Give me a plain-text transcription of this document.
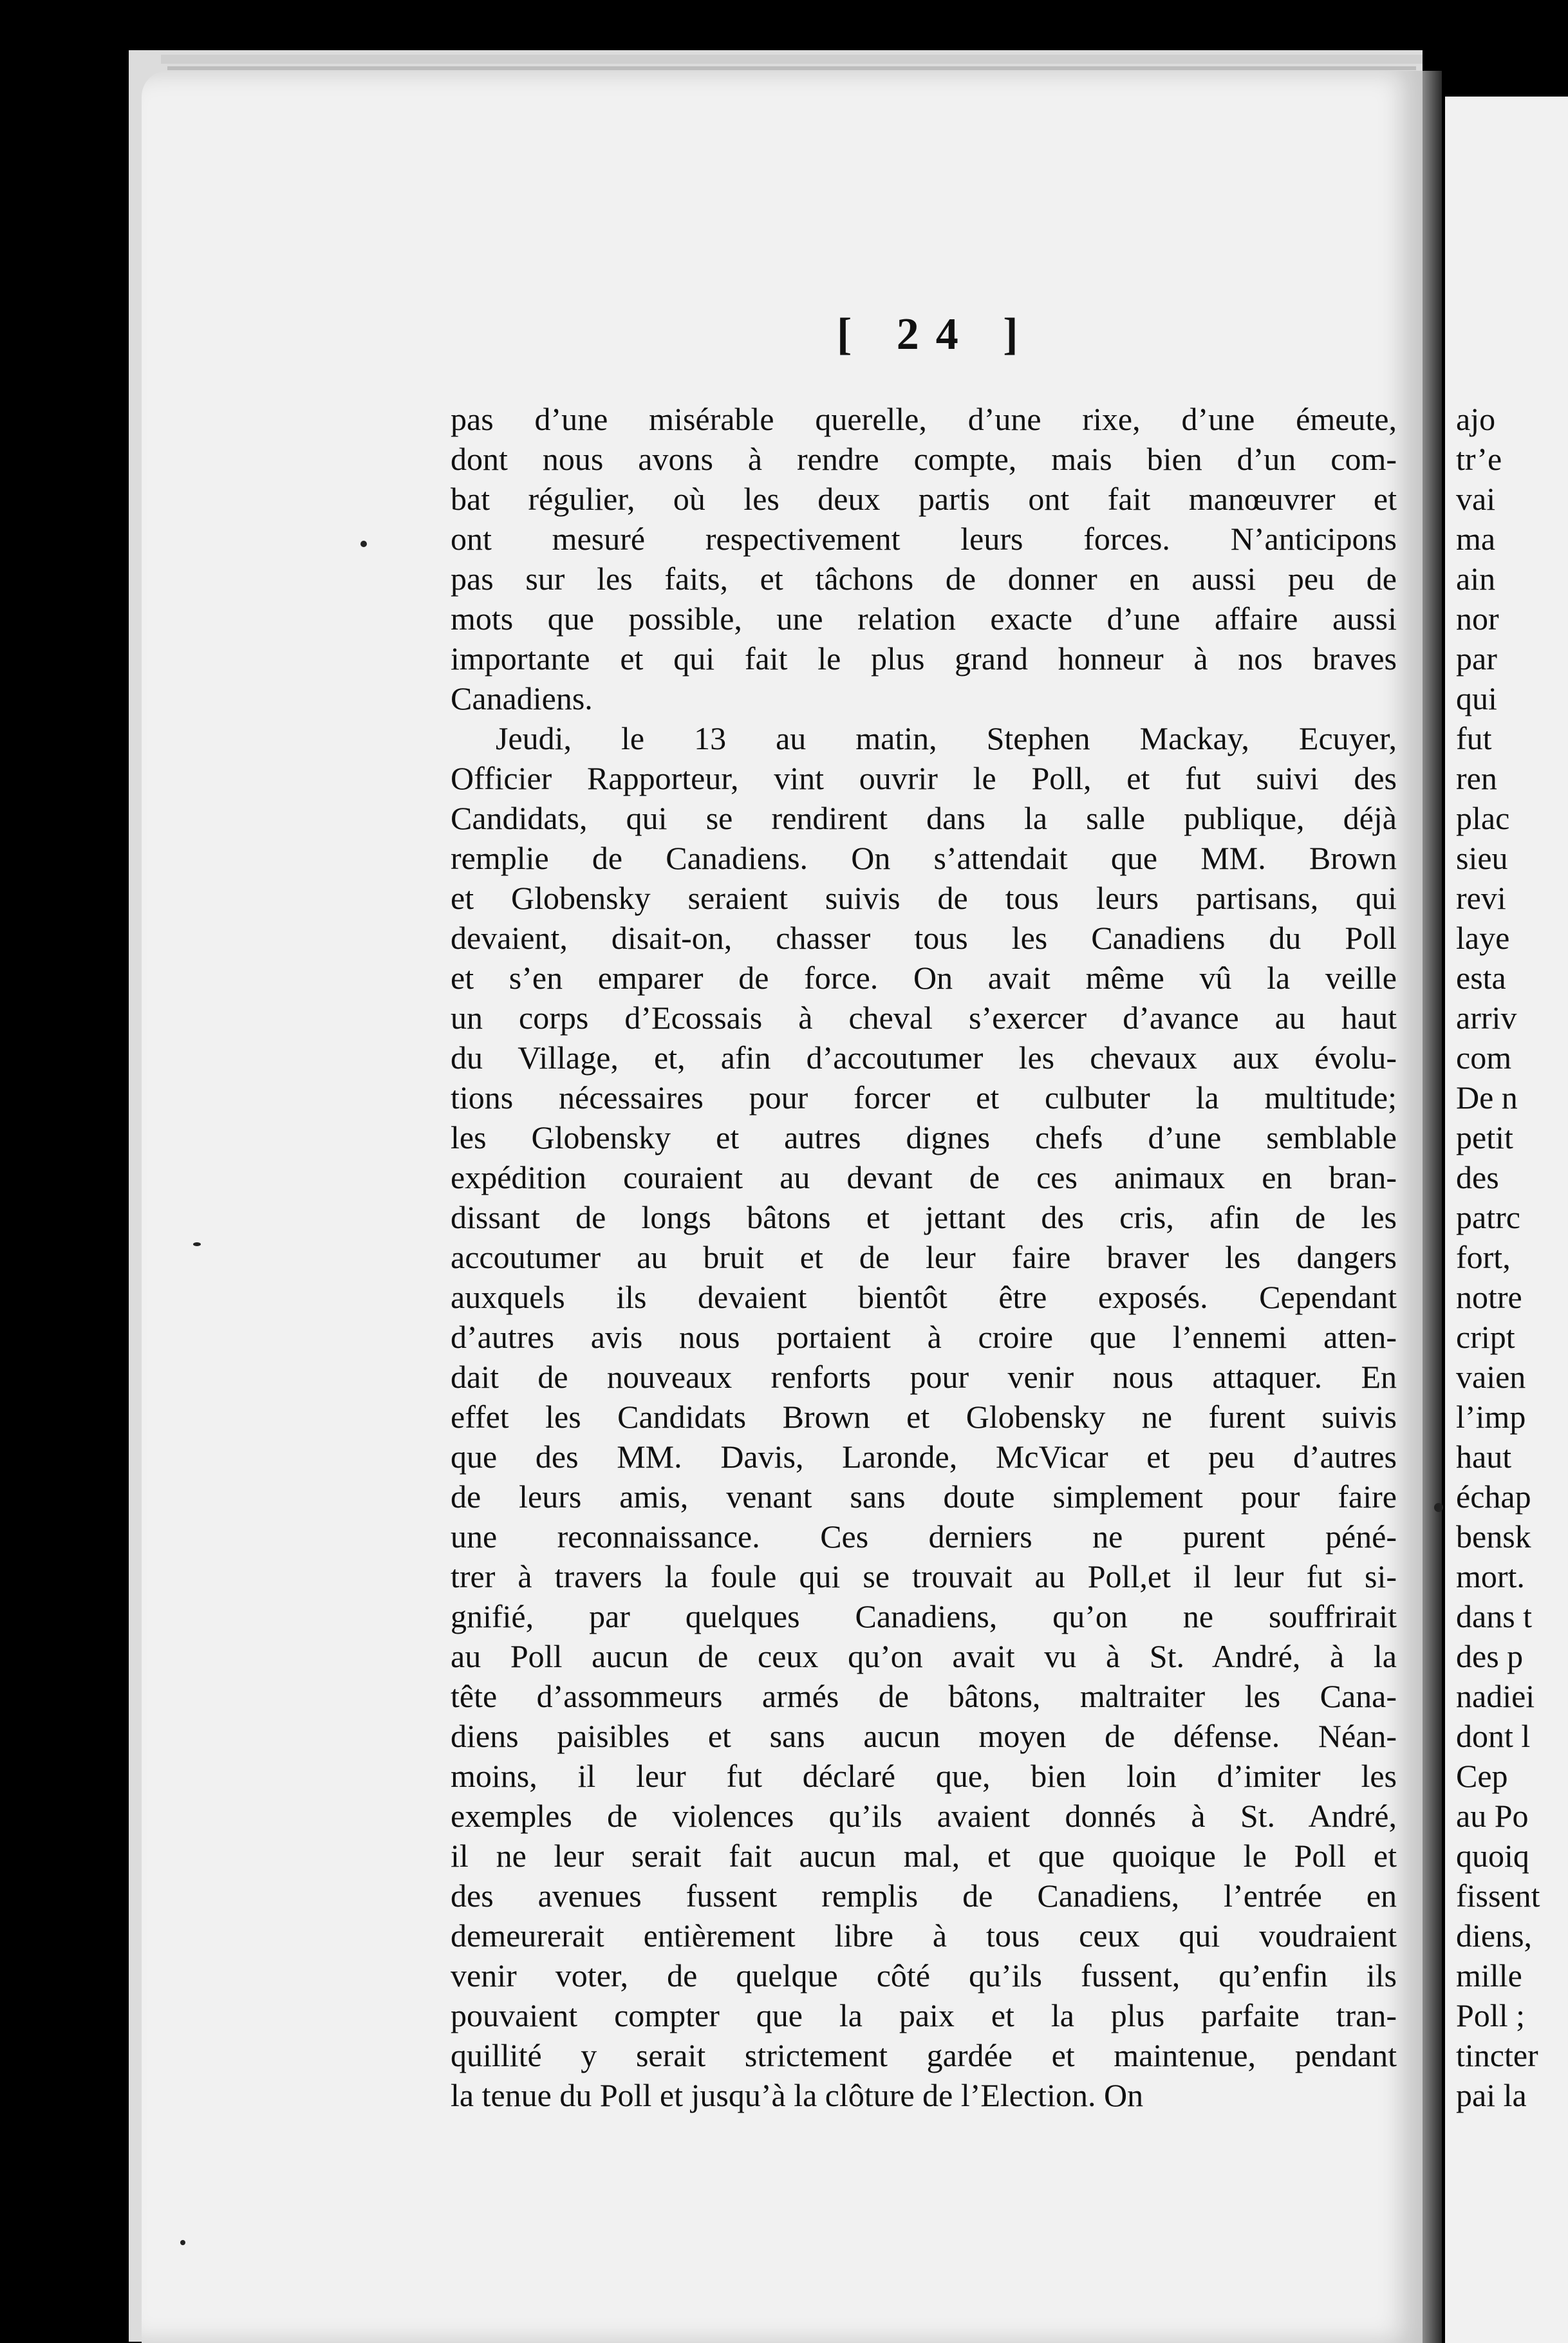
[ 24 ]
pas d’une misérable querelle, d’une rixe, d’une émeute,
dont nous avons à rendre compte, mais bien d’un com-
bat régulier, où les deux partis ont fait manœuvrer et
ont mesuré respectivement leurs forces. N’anticipons
pas sur les faits, et tâchons de donner en aussi peu de
mots que possible, une relation exacte d’une affaire aussi
importante et qui fait le plus grand honneur à nos braves
Canadiens.
Jeudi, le 13 au matin, Stephen Mackay, Ecuyer,
Officier Rapporteur, vint ouvrir le Poll, et fut suivi des
Candidats, qui se rendirent dans la salle publique, déjà
remplie de Canadiens. On s’attendait que MM. Brown
et Globensky seraient suivis de tous leurs partisans, qui
devaient, disait-on, chasser tous les Canadiens du Poll
et s’en emparer de force. On avait même vû la veille
un corps d’Ecossais à cheval s’exercer d’avance au haut
du Village, et, afin d’accoutumer les chevaux aux évolu-
tions nécessaires pour forcer et culbuter la multitude;
les Globensky et autres dignes chefs d’une semblable
expédition couraient au devant de ces animaux en bran-
dissant de longs bâtons et jettant des cris, afin de les
accoutumer au bruit et de leur faire braver les dangers
auxquels ils devaient bientôt être exposés. Cependant
d’autres avis nous portaient à croire que l’ennemi atten-
dait de nouveaux renforts pour venir nous attaquer. En
effet les Candidats Brown et Globensky ne furent suivis
que des MM. Davis, Laronde, McVicar et peu d’autres
de leurs amis, venant sans doute simplement pour faire
une reconnaissance. Ces derniers ne purent péné-
trer à travers la foule qui se trouvait au Poll,et il leur fut si-
gnifié, par quelques Canadiens, qu’on ne souffrirait
au Poll aucun de ceux qu’on avait vu à St. André, à la
tête d’assommeurs armés de bâtons, maltraiter les Cana-
diens paisibles et sans aucun moyen de défense. Néan-
moins, il leur fut déclaré que, bien loin d’imiter les
exemples de violences qu’ils avaient donnés à St. André,
il ne leur serait fait aucun mal, et que quoique le Poll et
des avenues fussent remplis de Canadiens, l’entrée en
demeurerait entièrement libre à tous ceux qui voudraient
venir voter, de quelque côté qu’ils fussent, qu’enfin ils
pouvaient compter que la paix et la plus parfaite tran-
quillité y serait strictement gardée et maintenue, pendant
la tenue du Poll et jusqu’à la clôture de l’Election. On
ajo
tr’e
vai
ma
ain
nor
par
qui
fut
ren
plac
sieu
revi
laye
esta
arriv
com
De n
petit
des
patrc
fort,
notre
cript
vaien
l’imp
haut
échap
bensk
mort.
dans t
des p
nadiei
dont l
Cep
au Po
quoiq
fissent
diens,
mille
Poll ;
tincter
pai la
